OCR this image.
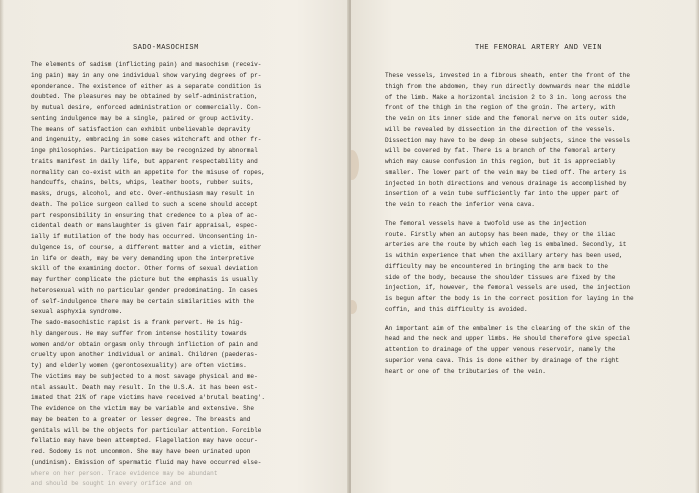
SADO-MASOCHISM
The elements of sadism (inflicting pain) and masochism (receiv-
ing pain) may in any one individual show varying degrees of pr-
eponderance. The existence of either as a separate condition is
doubted. The pleasures may be obtained by self-administration,
by mutual desire, enforced administration or commercially. Con-
senting indulgence may be a single, paired or group activity.
The means of satisfaction can exhibit unbelievable depravity
and ingenuity, embracing in some cases witchcraft and other fr-
inge philosophies. Participation may be recognized by abnormal
traits manifest in daily life, but apparent respectability and
normality can co-exist with an appetite for the misuse of ropes,
handcuffs, chains, belts, whips, leather boots, rubber suits,
masks, drugs, alcohol, and etc. Over-enthusiasm may result in
death. The police surgeon called to such a scene should accept
part responsibility in ensuring that credence to a plea of ac-
cidental death or manslaughter is given fair appraisal, espec-
ially if mutilation of the body has occurred. Unconsenting in-
dulgence is, of course, a different matter and a victim, either
in life or death, may be very demanding upon the interpretive
skill of the examining doctor. Other forms of sexual deviation
may further complicate the picture but the emphasis is usually
heterosexual with no particular gender predominating. In cases
of self-indulgence there may be certain similarities with the
sexual asphyxia syndrome.
The sado-masochistic rapist is a frank pervert. He is hig-
hly dangerous. He may suffer from intense hostility towards
women and/or obtain orgasm only through infliction of pain and
cruelty upon another individual or animal. Children (paederas-
ty) and elderly women (gerontosexuality) are often victims.
The victims may be subjected to a most savage physical and me-
ntal assault. Death may result. In the U.S.A. it has been est-
imated that 21% of rape victims have received a'brutal beating'.
The evidence on the victim may be variable and extensive. She
may be beaten to a greater or lesser degree. The breasts and
genitals will be the objects for particular attention. Forcible
fellatio may have been attempted. Flagellation may have occur-
red. Sodomy is not uncommon. She may have been urinated upon
(undinism). Emission of spermatic fluid may have occurred else-
where on her person. Trace evidence may be abundant
and should be sought in every orifice and on
THE FEMORAL ARTERY AND VEIN
These vessels, invested in a fibrous sheath, enter the front of the
thigh from the abdomen, they run directly downwards near the middle
of the limb. Make a horizontal incision 2 to 3 in. long across the
front of the thigh in the region of the groin. The artery, with
the vein on its inner side and the femoral nerve on its outer side,
will be revealed by dissection in the direction of the vessels.
Dissection may have to be deep in obese subjects, since the vessels
will be covered by fat. There is a branch of the femoral artery
which may cause confusion in this region, but it is appreciably
smaller. The lower part of the vein may be tied off. The artery is
injected in both directions and venous drainage is accomplished by
insertion of a vein tube sufficiently far into the upper part of
the vein to reach the inferior vena cava.
The femoral vessels have a twofold use as the injection
route. Firstly when an autopsy has been made, they or the iliac
arteries are the route by which each leg is embalmed. Secondly, it
is within experience that when the axillary artery has been used,
difficulty may be encountered in bringing the arm back to the
side of the body, because the shoulder tissues are fixed by the
injection, if, however, the femoral vessels are used, the injection
is begun after the body is in the correct position for laying in the
coffin, and this difficulty is avoided.
An important aim of the embalmer is the clearing of the skin of the
head and the neck and upper limbs. He should therefore give special
attention to drainage of the upper venous reservoir, namely the
superior vena cava. This is done either by drainage of the right
heart or one of the tributaries of the vein.
